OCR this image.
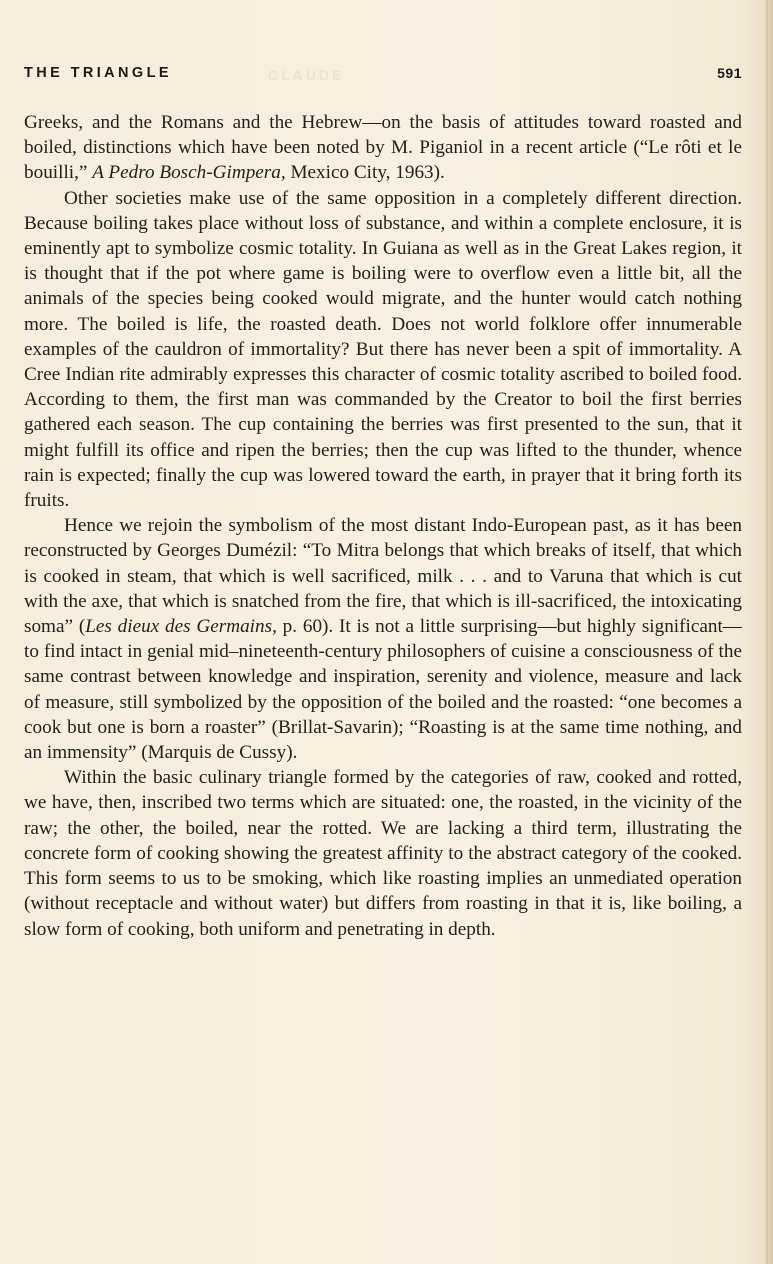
CLAUDE
THE TRIANGLE	591

Greeks, and the Romans and the Hebrew—on the basis of attitudes toward roasted and boiled, distinctions which have been noted by M. Piganiol in a recent article (“Le rôti et le bouilli,” A Pedro Bosch-Gimpera, Mexico City, 1963).

Other societies make use of the same opposition in a completely different direction. Because boiling takes place without loss of substance, and within a complete enclosure, it is eminently apt to symbolize cosmic totality. In Guiana as well as in the Great Lakes region, it is thought that if the pot where game is boiling were to overflow even a little bit, all the animals of the species being cooked would migrate, and the hunter would catch nothing more. The boiled is life, the roasted death. Does not world folklore offer innumerable examples of the cauldron of immortality? But there has never been a spit of immortality. A Cree Indian rite admirably expresses this character of cosmic totality ascribed to boiled food. According to them, the first man was commanded by the Creator to boil the first berries gathered each season. The cup containing the berries was first presented to the sun, that it might fulfill its office and ripen the berries; then the cup was lifted to the thunder, whence rain is expected; finally the cup was lowered toward the earth, in prayer that it bring forth its fruits.

Hence we rejoin the symbolism of the most distant Indo-European past, as it has been reconstructed by Georges Dumézil: “To Mitra belongs that which breaks of itself, that which is cooked in steam, that which is well sacrificed, milk . . . and to Varuna that which is cut with the axe, that which is snatched from the fire, that which is ill-sacrificed, the intoxicating soma” (Les dieux des Germains, p. 60). It is not a little surprising—but highly significant—to find intact in genial mid–nineteenth-century philosophers of cuisine a consciousness of the same contrast between knowledge and inspiration, serenity and violence, measure and lack of measure, still symbolized by the opposition of the boiled and the roasted: “one becomes a cook but one is born a roaster” (Brillat-Savarin); “Roasting is at the same time nothing, and an immensity” (Marquis de Cussy).

Within the basic culinary triangle formed by the categories of raw, cooked and rotted, we have, then, inscribed two terms which are situated: one, the roasted, in the vicinity of the raw; the other, the boiled, near the rotted. We are lacking a third term, illustrating the concrete form of cooking showing the greatest affinity to the abstract category of the cooked. This form seems to us to be smoking, which like roasting implies an unmediated operation (without receptacle and without water) but differs from roasting in that it is, like boiling, a slow form of cooking, both uniform and penetrating in depth.
